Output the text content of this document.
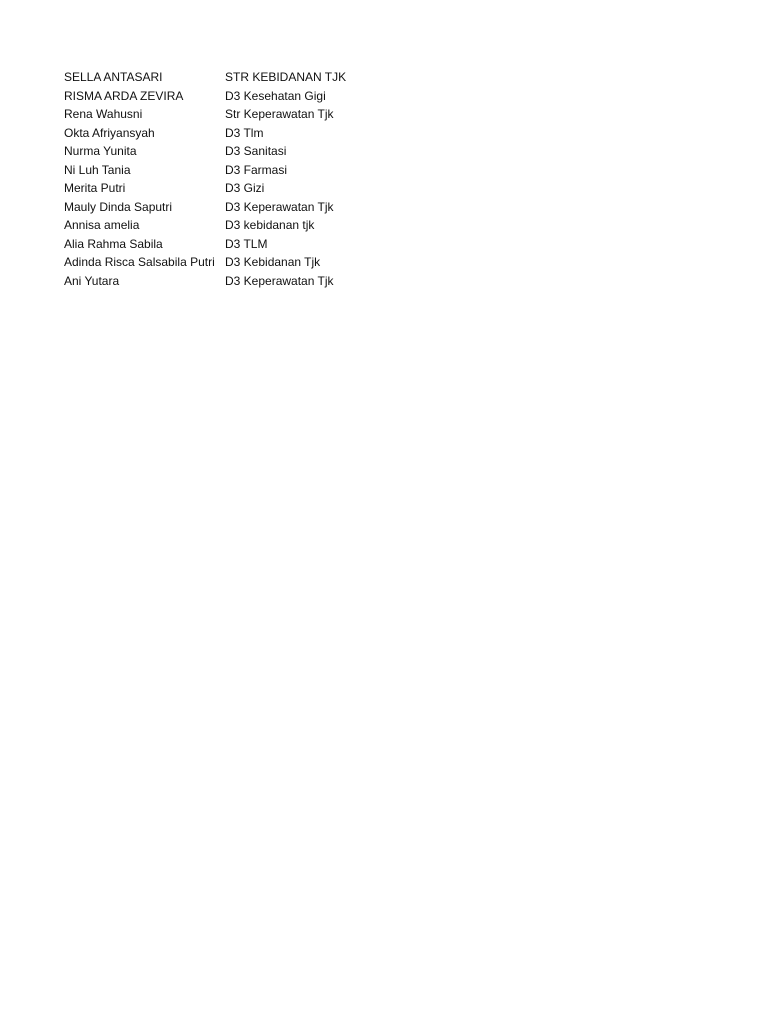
SELLA ANTASARI	STR KEBIDANAN TJK
RISMA ARDA ZEVIRA	D3 Kesehatan Gigi
Rena Wahusni	Str Keperawatan Tjk
Okta Afriyansyah	D3 Tlm
Nurma Yunita	D3 Sanitasi
Ni Luh Tania	D3 Farmasi
Merita Putri	D3 Gizi
Mauly Dinda Saputri	D3 Keperawatan Tjk
Annisa amelia	D3 kebidanan tjk
Alia Rahma Sabila	D3 TLM
Adinda Risca Salsabila Putri	D3 Kebidanan Tjk
Ani Yutara	D3 Keperawatan Tjk
